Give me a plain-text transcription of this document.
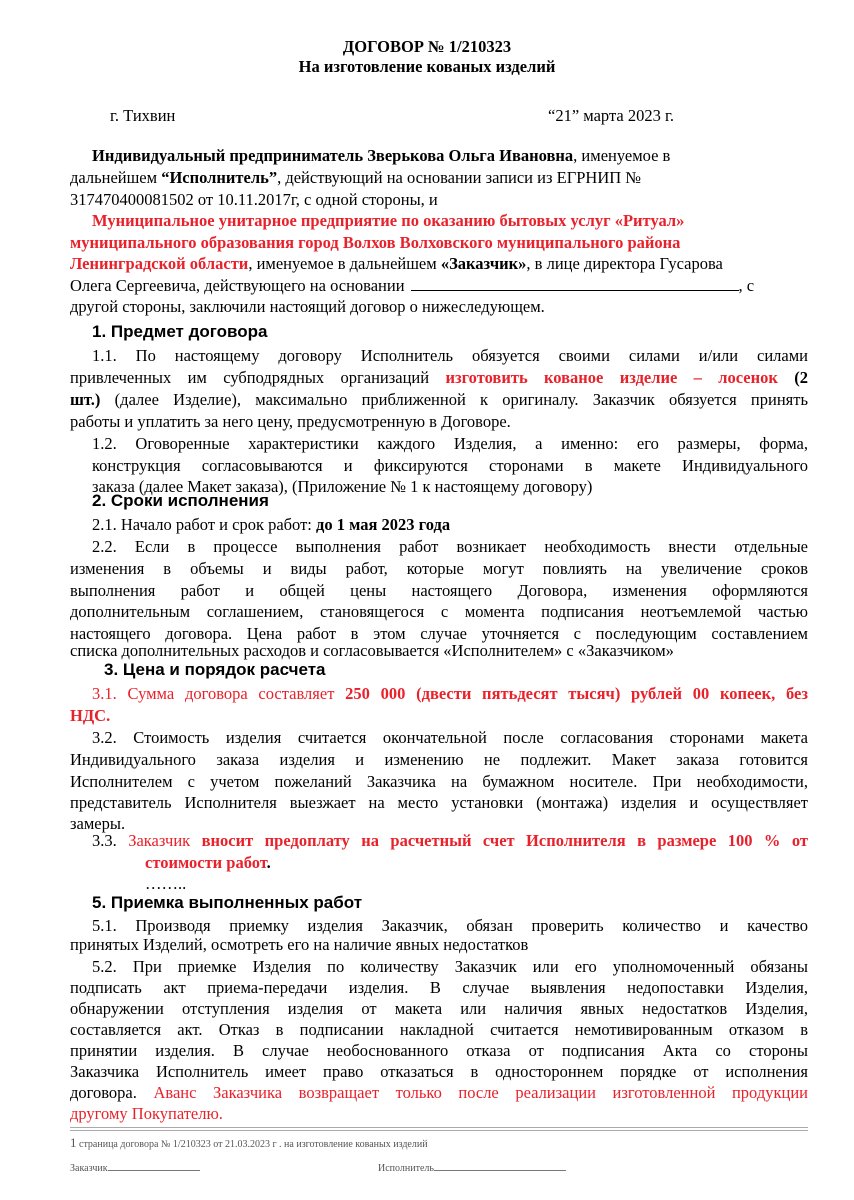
ДОГОВОР № 1/210323
На изготовление кованых изделий
г. Тихвин	“21” марта 2023 г.
Индивидуальный предприниматель Зверькова Ольга Ивановна, именуемое в
дальнейшем “Исполнитель”, действующий на основании записи из ЕГРНИП №
317470400081502 от 10.11.2017г, с одной стороны, и
Муниципальное унитарное предприятие по оказанию бытовых услуг «Ритуал»
муниципального образования город Волхов Волховского муниципального района
Ленинградской области, именуемое в дальнейшем «Заказчик», в лице директора Гусарова
Олега Сергеевича, действующего на основании	, с
другой стороны, заключили настоящий договор о нижеследующем.
1. Предмет договора
1.1. По настоящему договору Исполнитель обязуется своими силами и/или силами
привлеченных им субподрядных организаций изготовить кованое изделие – лосенок (2
шт.) (далее Изделие), максимально приближенной к оригиналу. Заказчик обязуется принять
работы и уплатить за него цену, предусмотренную в Договоре.
1.2. Оговоренные характеристики каждого Изделия, а именно: его размеры, форма,
конструкция согласовываются и фиксируются сторонами в макете Индивидуального
заказа (далее Макет заказа), (Приложение № 1 к настоящему договору)
2. Сроки исполнения
2.1. Начало работ и срок работ: до 1 мая 2023 года
2.2. Если в процессе выполнения работ возникает необходимость внести отдельные
изменения в объемы и виды работ, которые могут повлиять на увеличение сроков
выполнения работ и общей цены настоящего Договора, изменения оформляются
дополнительным соглашением, становящегося с момента подписания неотъемлемой частью
настоящего договора. Цена работ в этом случае уточняется с последующим составлением
списка дополнительных расходов и согласовывается «Исполнителем» с «Заказчиком»
3. Цена и порядок расчета
3.1. Сумма договора составляет 250 000 (двести пятьдесят тысяч) рублей 00 копеек, без
НДС.
3.2. Стоимость изделия считается окончательной после согласования сторонами макета
Индивидуального заказа изделия и изменению не подлежит. Макет заказа готовится
Исполнителем с учетом пожеланий Заказчика на бумажном носителе. При необходимости,
представитель Исполнителя выезжает на место установки (монтажа) изделия и осуществляет
замеры.
3.3. Заказчик вносит предоплату на расчетный счет Исполнителя в размере 100 % от
стоимости работ.
……..
5. Приемка выполненных работ
5.1. Производя приемку изделия Заказчик, обязан проверить количество и качество
принятых Изделий, осмотреть его на наличие явных недостатков
5.2. При приемке Изделия по количеству Заказчик или его уполномоченный обязаны
подписать акт приема-передачи изделия. В случае выявления недопоставки Изделия,
обнаружении отступления изделия от макета или наличия явных недостатков Изделия,
составляется акт. Отказ в подписании накладной считается немотивированным отказом в
принятии изделия. В случае необоснованного отказа от подписания Акта со стороны
Заказчика Исполнитель имеет право отказаться в одностороннем порядке от исполнения
договора. Аванс Заказчика возвращает только после реализации изготовленной продукции
другому Покупателю.
1 страница договора № 1/210323 от 21.03.2023 г . на изготовление кованых изделий
Заказчик	Исполнитель
